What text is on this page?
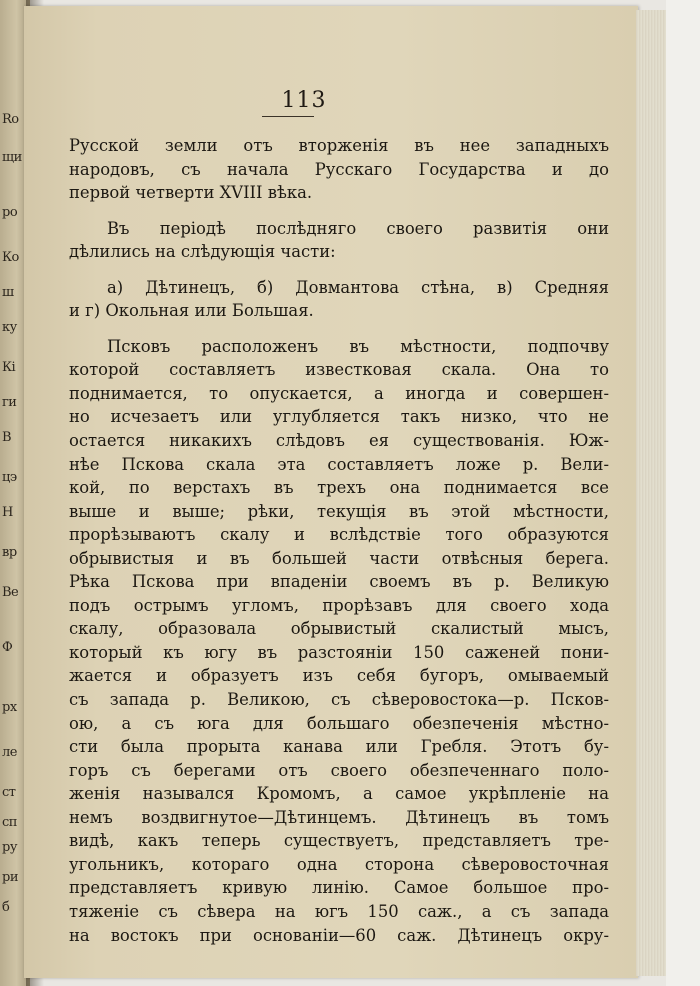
Ro
щи
ро
Ко
ш
ку
Кі
ги
В
цэ
Н
вр
Ве
Ф
рх
ле
ст
сп
ру
ри
б
113
Русской земли отъ вторженія въ нее западныхъ
народовъ, съ начала Русскаго Государства и до
первой четверти XVIII вѣка.
Въ періодѣ послѣдняго своего развитія они
дѣлились на слѣдующія части:
а) Дѣтинецъ, б) Довмантова стѣна, в) Средняя
и г) Окольная или Большая.
Псковъ расположенъ въ мѣстности, подпочву
которой составляетъ известковая скала. Она то
поднимается, то опускается, а иногда и совершен-
но исчезаетъ или углубляется такъ низко, что не
остается никакихъ слѣдовъ ея существованія. Юж-
нѣе Пскова скала эта составляетъ ложе р. Вели-
кой, по верстахъ въ трехъ она поднимается все
выше и выше; рѣки, текущія въ этой мѣстности,
прорѣзываютъ скалу и вслѣдствіе того образуются
обрывистыя и въ большей части отвѣсныя берега.
Рѣка Пскова при впаденіи своемъ въ р. Великую
подъ острымъ угломъ, прорѣзавъ для своего хода
скалу, образовала обрывистый скалистый мысъ,
который къ югу въ разстояніи 150 саженей пони-
жается и образуетъ изъ себя бугоръ, омываемый
съ запада р. Великою, съ сѣверовостока—р. Псков-
ою, а съ юга для большаго обезпеченія мѣстно-
сти была прорыта канава или Гребля. Этотъ бу-
горъ съ берегами отъ своего обезпеченнаго поло-
женія назывался Кромомъ, а самое укрѣпленіе на
немъ воздвигнутое—Дѣтинцемъ. Дѣтинецъ въ томъ
видѣ, какъ теперь существуетъ, представляетъ тре-
угольникъ, котораго одна сторона сѣверовосточная
представляетъ кривую линію. Самое большое про-
тяженіе съ сѣвера на югъ 150 саж., а съ запада
на востокъ при основаніи—60 саж. Дѣтинецъ окру-
